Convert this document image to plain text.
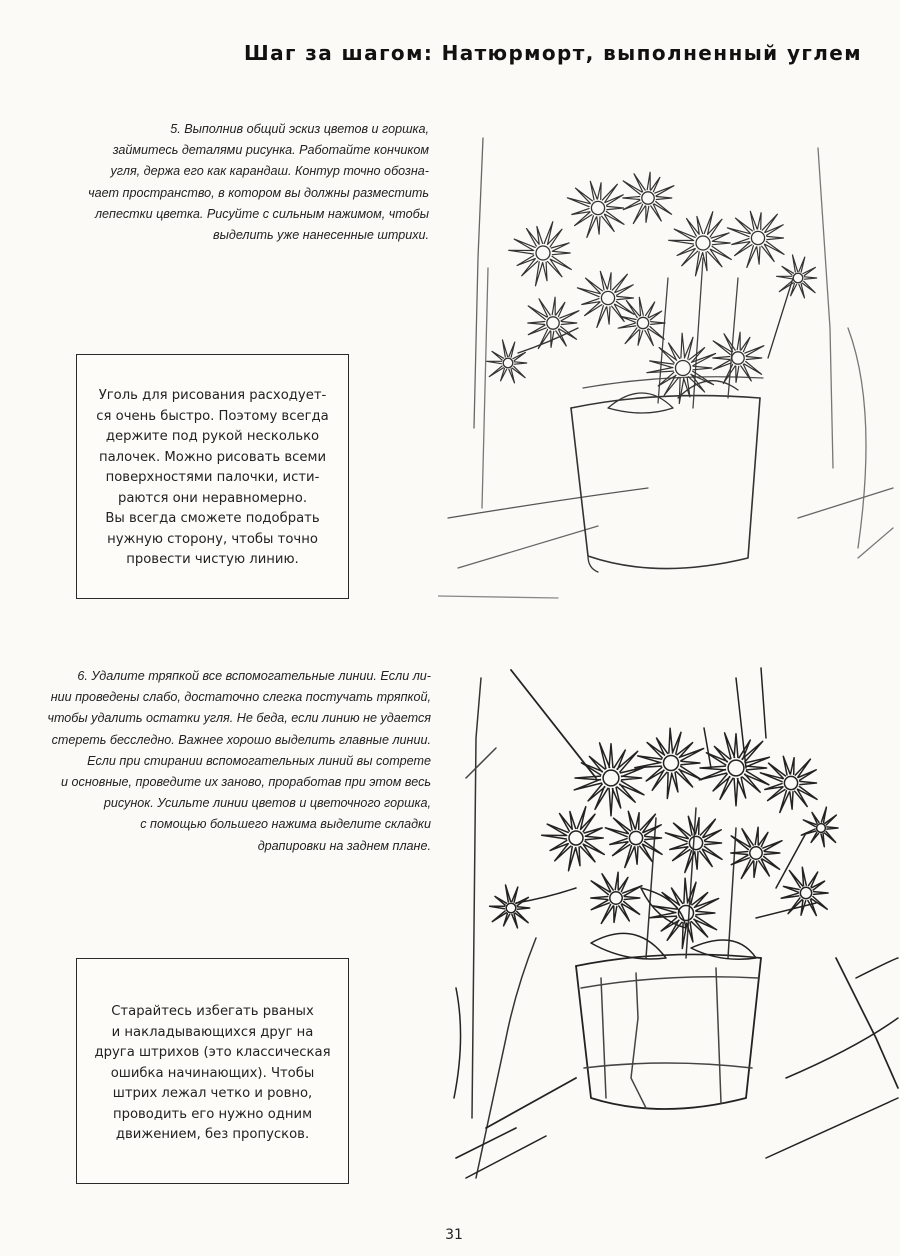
Шаг за шагом: Натюрморт, выполненный углем
5. Выполнив общий эскиз цветов и горшка,
займитесь деталями рисунка. Работайте кончиком
угля, держа его как карандаш. Контур точно обозна-
чает пространство, в котором вы должны разместить
лепестки цветка. Рисуйте с сильным нажимом, чтобы
выделить уже нанесенные штрихи.
Уголь для рисования расходует-
ся очень быстро. Поэтому всегда
держите под рукой несколько
палочек. Можно рисовать всеми
поверхностями палочки, исти-
раются они неравномерно.
Вы всегда сможете подобрать
нужную сторону, чтобы точно
провести чистую линию.
6. Удалите тряпкой все вспомогательные линии. Если ли-
нии проведены слабо, достаточно слегка постучать тряпкой,
чтобы удалить остатки угля. Не беда, если линию не удается
стереть бесследно. Важнее хорошо выделить главные линии.
Если при стирании вспомогательных линий вы сотрете
и основные, проведите их заново, проработав при этом весь
рисунок. Усильте линии цветов и цветочного горшка,
с помощью большего нажима выделите складки
драпировки на заднем плане.
Старайтесь избегать рваных
и накладывающихся друг на
друга штрихов (это классическая
ошибка начинающих). Чтобы
штрих лежал четко и ровно,
проводить его нужно одним
движением, без пропусков.
31
